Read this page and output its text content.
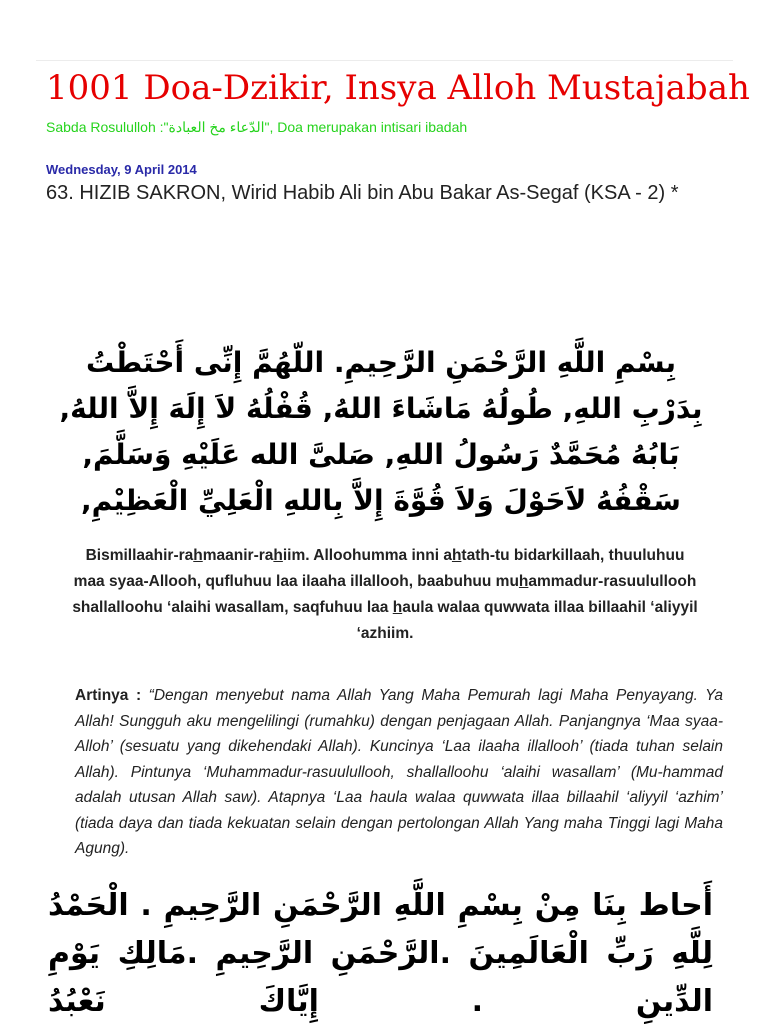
1001 Doa-Dzikir, Insya Alloh Mustajabah
Sabda Rosululloh :"الدّعاء مخ العبادة", Doa merupakan intisari ibadah
Wednesday, 9 April 2014
63. HIZIB SAKRON, Wirid Habib Ali bin Abu Bakar As-Segaf (KSA - 2) *

بِسْمِ اللَّهِ الرَّحْمَنِ الرَّحِيمِ. اللّهُمَّ إِنِّى أَحْتَطْتُ بِدَرْبِ اللهِ, طُولُهُ مَاشَاءَ اللهُ, قُفْلُهُ لاَ إِلَهَ إِلاَّ اللهُ, بَابُهُ مُحَمَّدٌ رَسُولُ اللهِ, صَلىَّ الله عَلَيْهِ وَسَلَّمَ, سَقْفُهُ لاَحَوْلَ وَلاَ قُوَّةَ إِلاَّ بِاللهِ الْعَلِيِّ الْعَظِيْمِ,

Bismillaahir-rahmaanir-rahiim. Alloohumma inni ahtath-tu bidarkillaah, thuuluhuu maa syaa-Allooh, qufluhuu laa ilaaha illallooh, baabuhuu muhammadur-rasuulullooh shallalloohu ‘alaihi wasallam, saqfuhuu laa haula walaa quwwata illaa billaahil ‘aliyyil ‘azhiim.

Artinya : “Dengan menyebut nama Allah Yang Maha Pemurah lagi Maha Penyayang. Ya Allah! Sungguh aku mengelilingi (rumahku) dengan penjagaan Allah. Panjangnya ‘Maa syaa-Alloh’ (sesuatu yang dikehendaki Allah). Kuncinya ‘Laa ilaaha illallooh’ (tiada tuhan selain Allah). Pintunya ‘Muhammadur-rasuulullooh, shallalloohu ‘alaihi wasallam’ (Mu-hammad adalah utusan Allah saw). Atapnya ‘Laa haula walaa quwwata illaa billaahil ‘aliyyil ‘azhim’ (tiada daya dan tiada kekuatan selain dengan pertolongan Allah Yang maha Tinggi lagi Maha Agung).

أَحاط بِنَا مِنْ بِسْمِ اللَّهِ الرَّحْمَنِ الرَّحِيمِ . الْحَمْدُ لِلَّهِ رَبِّ الْعَالَمِينَ .الرَّحْمَنِ الرَّحِيمِ .مَالِكِ يَوْمِ الدِّينِ . إِيَّاكَ نَعْبُدُ
